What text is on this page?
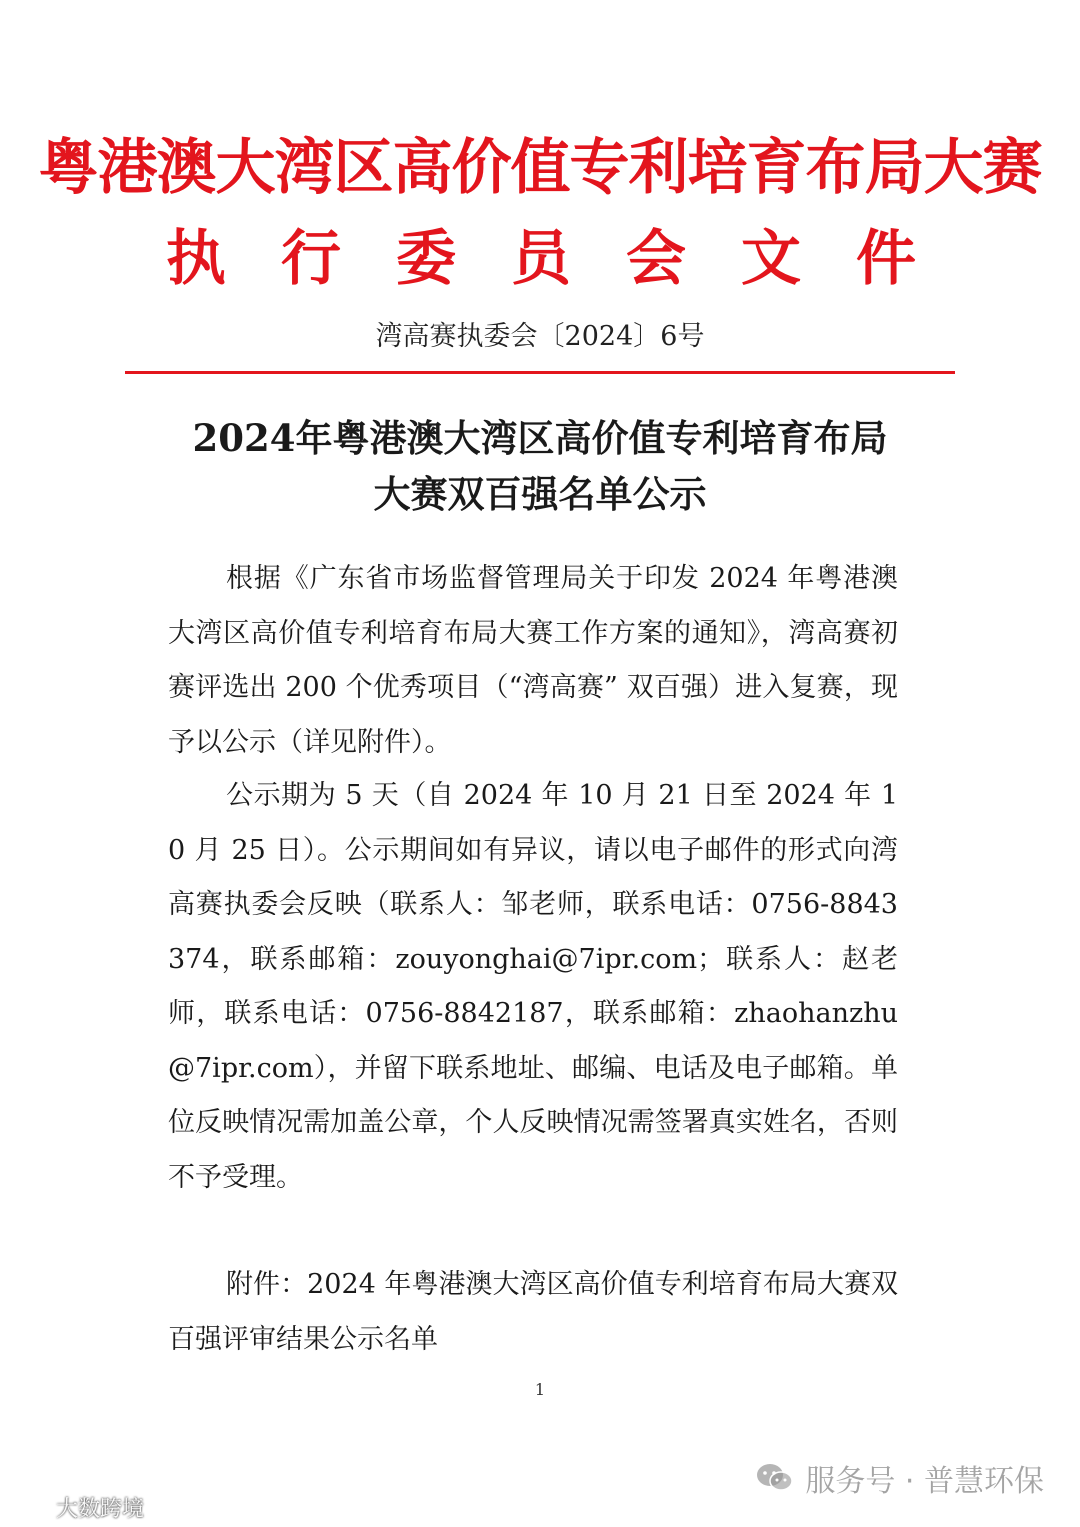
粤港澳大湾区高价值专利培育布局大赛
执 行 委 员 会 文 件
湾高赛执委会〔2024〕6号
2024年粤港澳大湾区高价值专利培育布局
大赛双百强名单公示

根据《广东省市场监督管理局关于印发 2024 年粤港澳大湾区高价值专利培育布局大赛工作方案的通知》，湾高赛初赛评选出 200 个优秀项目（“湾高赛” 双百强）进入复赛，现予以公示（详见附件）。

公示期为 5 天（自 2024 年 10 月 21 日至 2024 年 10 月 25 日）。公示期间如有异议，请以电子邮件的形式向湾高赛执委会反映（联系人：邹老师，联系电话：0756-8843374，联系邮箱：zouyonghai@7ipr.com；联系人：赵老师，联系电话：0756-8842187，联系邮箱：zhaohanzhu@7ipr.com），并留下联系地址、邮编、电话及电子邮箱。单位反映情况需加盖公章，个人反映情况需签署真实姓名，否则不予受理。

附件：2024 年粤港澳大湾区高价值专利培育布局大赛双百强评审结果公示名单

1
服务号 · 普慧环保
大数跨境
